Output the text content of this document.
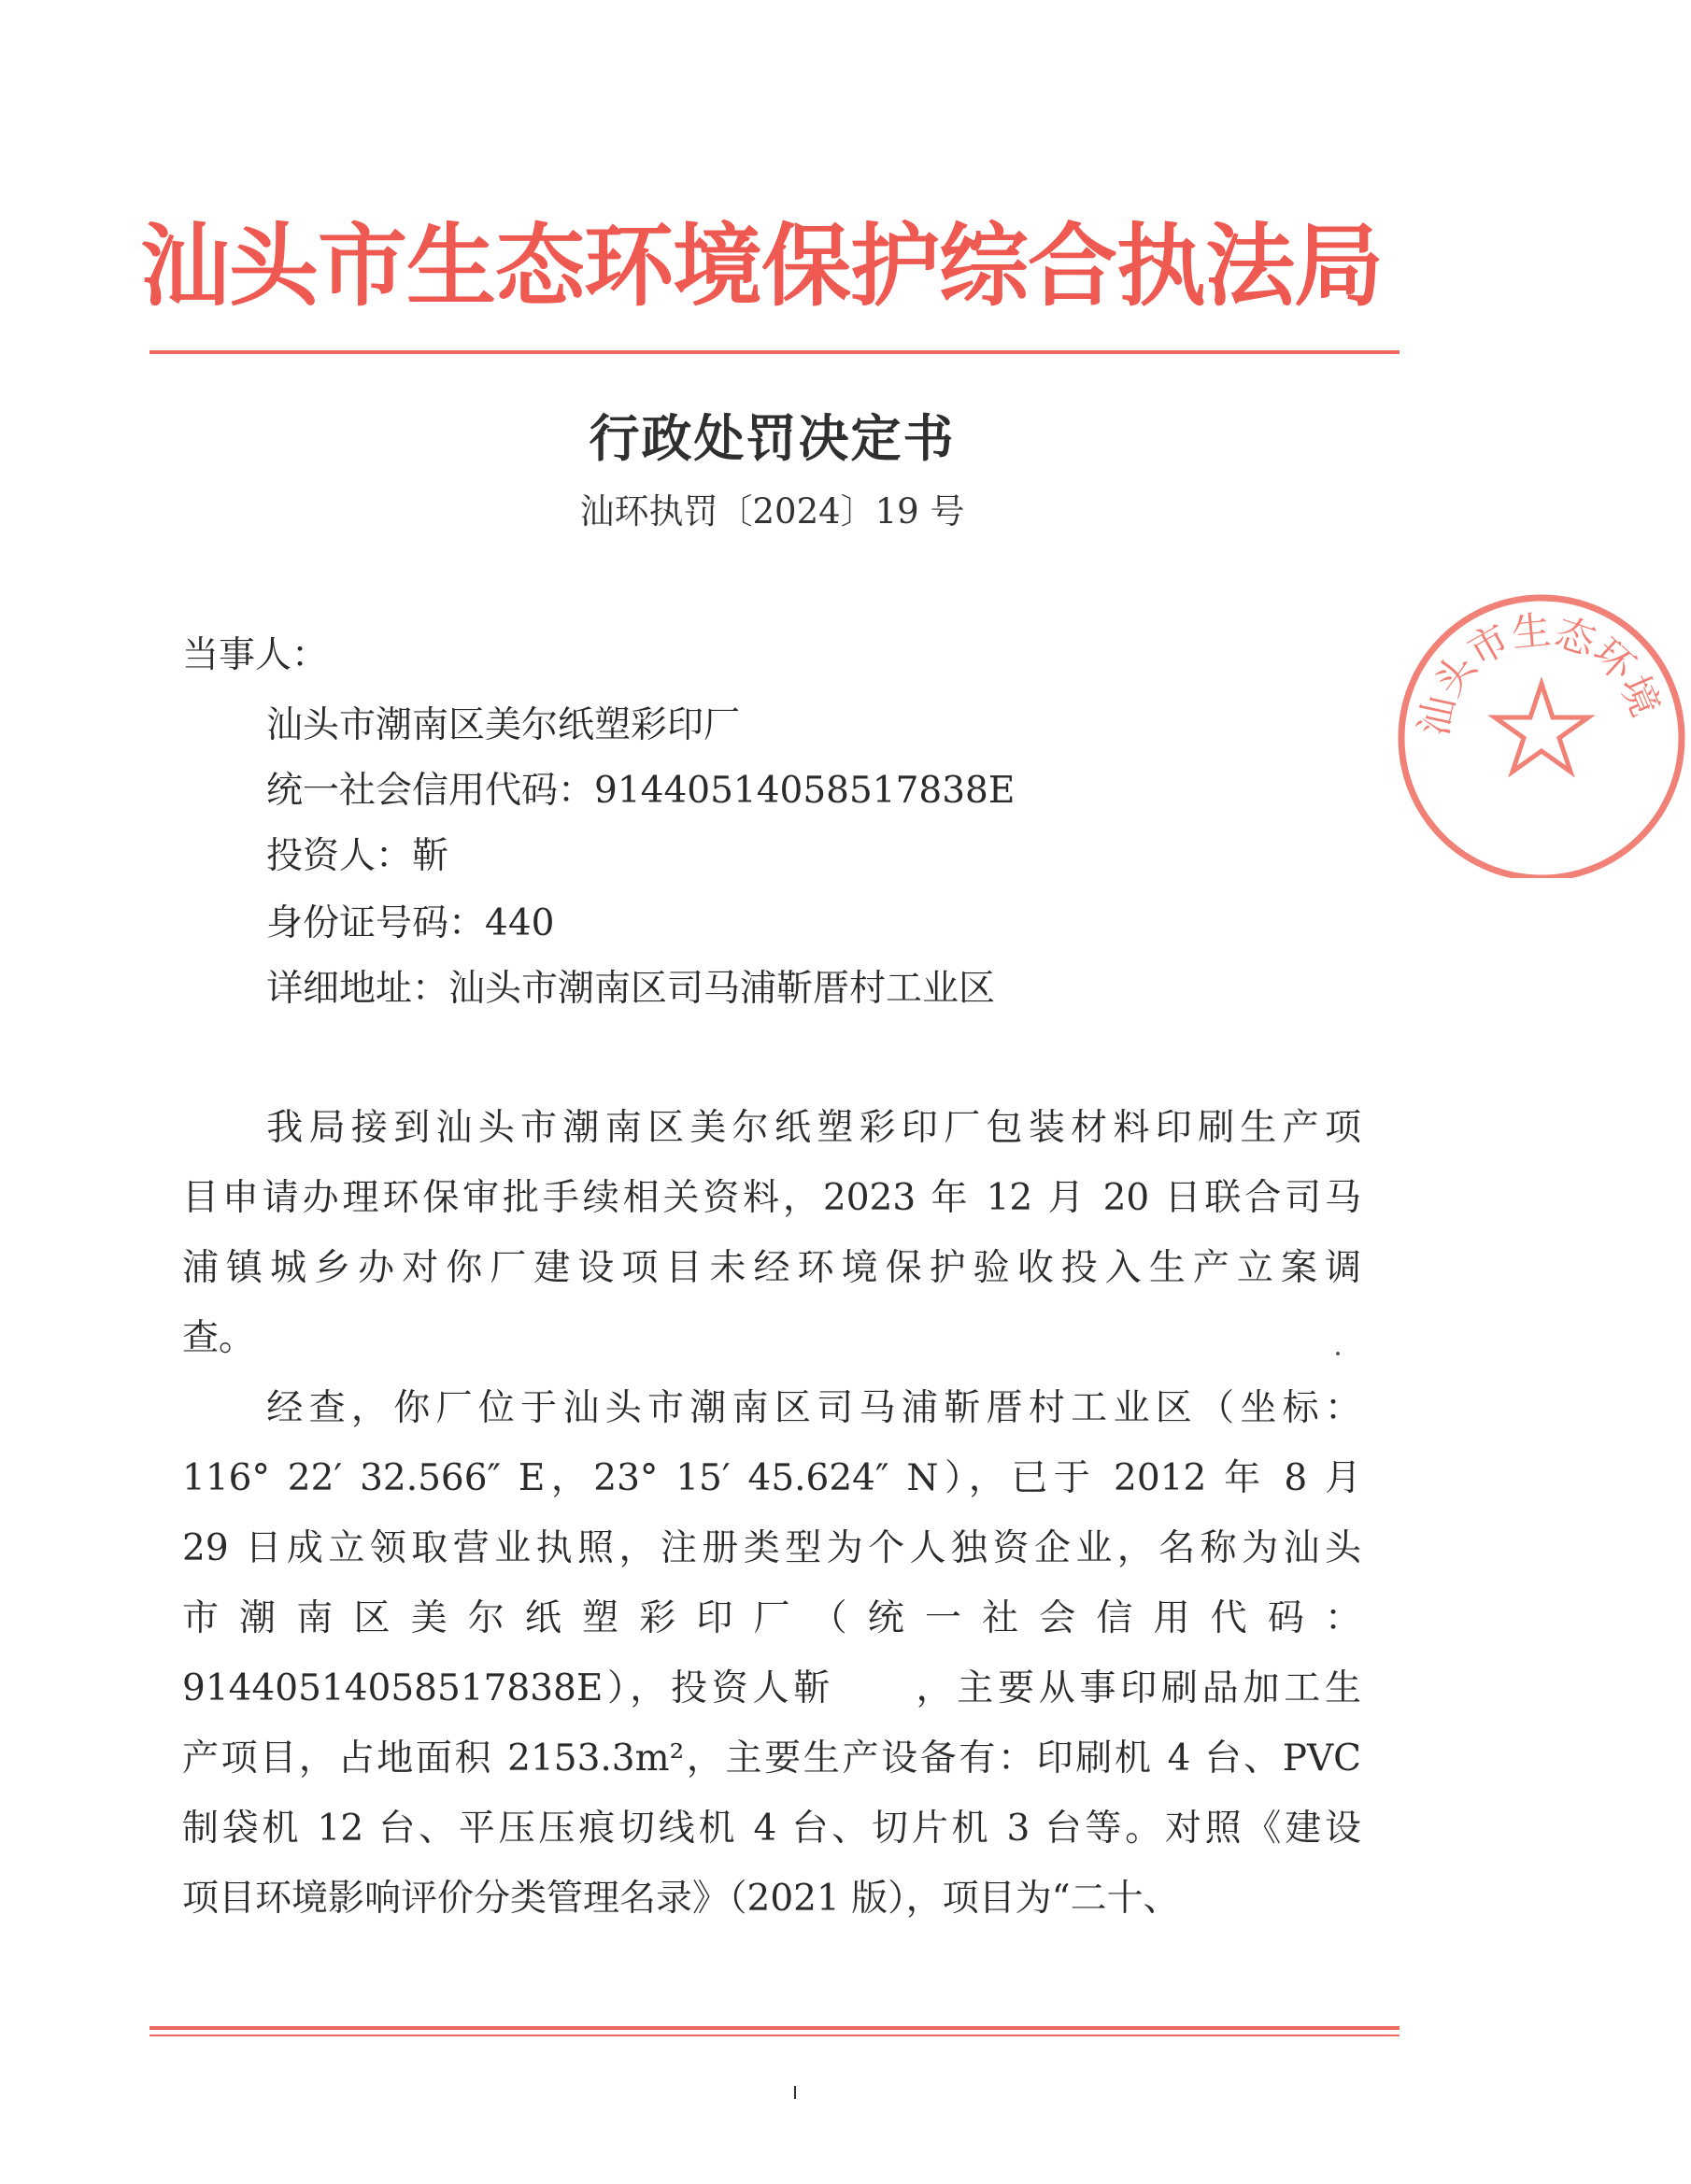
汕头市生态环境保护综合执法局
行政处罚决定书
汕环执罚〔2024〕19 号
当事人：
汕头市潮南区美尔纸塑彩印厂
统一社会信用代码：91440514058517838E
投资人：靳
身份证号码：440
详细地址：汕头市潮南区司马浦靳厝村工业区
我局接到汕头市潮南区美尔纸塑彩印厂包装材料印刷生产项
目申请办理环保审批手续相关资料，2023 年 12 月 20 日联合司马
浦镇城乡办对你厂建设项目未经环境保护验收投入生产立案调
查。
经查，你厂位于汕头市潮南区司马浦靳厝村工业区（坐标：
116° 22′ 32.566″ E，23° 15′ 45.624″ N），已于 2012 年 8 月
29 日成立领取营业执照，注册类型为个人独资企业，名称为汕头
市潮南区美尔纸塑彩印厂（统一社会信用代码：
91440514058517838E），投资人靳　　，主要从事印刷品加工生
产项目，占地面积 2153.3m²，主要生产设备有：印刷机 4 台、PVC
制袋机 12 台、平压压痕切线机 4 台、切片机 3 台等。对照《建设
项目环境影响评价分类管理名录》（2021 版），项目为“二十、
汕头市生态环境
